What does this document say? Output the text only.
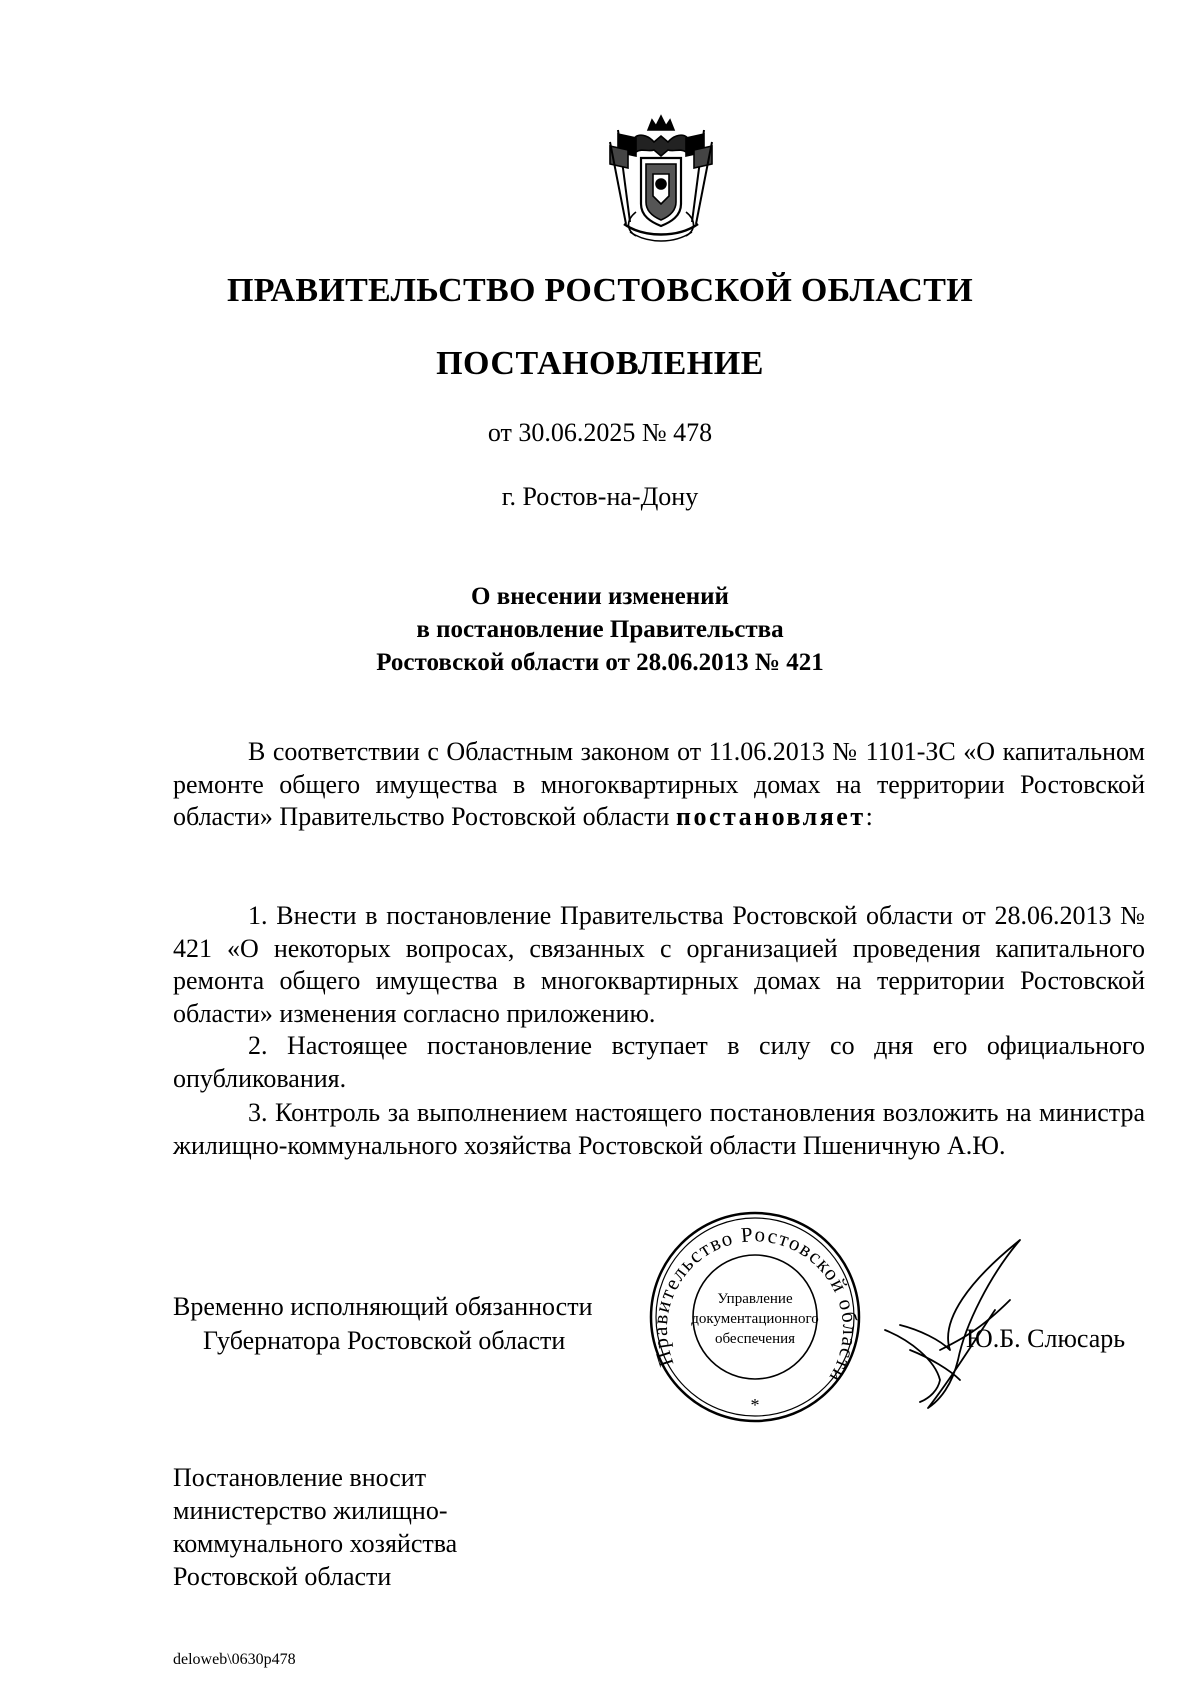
ПРАВИТЕЛЬСТВО РОСТОВСКОЙ ОБЛАСТИ
ПОСТАНОВЛЕНИЕ
от 30.06.2025 № 478
г. Ростов-на-Дону
О внесении изменений
в постановление Правительства
Ростовской области от 28.06.2013 № 421
В соответствии с Областным законом от 11.06.2013 № 1101-ЗС «О капитальном ремонте общего имущества в многоквартирных домах на территории Ростовской области» Правительство Ростовской области постановляет:
1. Внести в постановление Правительства Ростовской области от 28.06.2013 № 421 «О некоторых вопросах, связанных с организацией проведения капитального ремонта общего имущества в многоквартирных домах на территории Ростовской области» изменения согласно приложению.
2. Настоящее постановление вступает в силу со дня его официального опубликования.
3. Контроль за выполнением настоящего постановления возложить на министра жилищно-коммунального хозяйства Ростовской области Пшеничную А.Ю.
Временно исполняющий обязанности
Губернатора Ростовской области
Правительство Ростовской области
Управление
документационного
обеспечения
*
Ю.Б. Слюсарь
Постановление вносит
министерство жилищно-
коммунального хозяйства
Ростовской области
deloweb\0630p478
